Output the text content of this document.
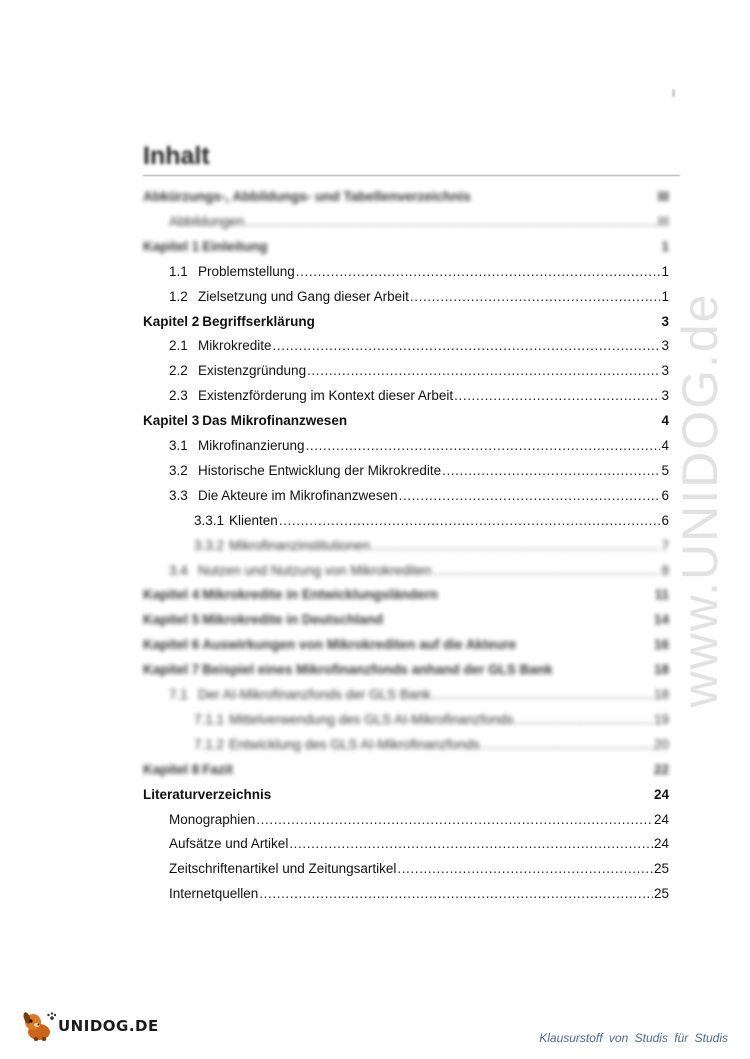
www.UNIDOG.de
I
Inhalt
Abkürzungs-, Abbildungs- und Tabellenverzeichnis	III
Abbildungen .....	III
Kapitel 1 Einleitung	1
1.1 Problemstellung .....	1
1.2 Zielsetzung und Gang dieser Arbeit .....	1
Kapitel 2 Begriffserklärung	3
2.1 Mikrokredite .....	3
2.2 Existenzgründung .....	3
2.3 Existenzförderung im Kontext dieser Arbeit .....	3
Kapitel 3 Das Mikrofinanzwesen	4
3.1 Mikrofinanzierung .....	4
3.2 Historische Entwicklung der Mikrokredite .....	5
3.3 Die Akteure im Mikrofinanzwesen .....	6
3.3.1 Klienten .....	6
3.3.2 Mikrofinanzinstitutionen .....	7
3.4 Nutzen und Nutzung von Mikrokrediten .....	8
Kapitel 4 Mikrokredite in Entwicklungsländern	11
Kapitel 5 Mikrokredite in Deutschland	14
Kapitel 6 Auswirkungen von Mikrokrediten auf die Akteure	16
Kapitel 7 Beispiel eines Mikrofinanzfonds anhand der GLS Bank	18
7.1 Der AI-Mikrofinanzfonds der GLS Bank .....	18
7.1.1 Mittelverwendung des GLS AI-Mikrofinanzfonds .....	19
7.1.2 Entwicklung des GLS AI-Mikrofinanzfonds .....	20
Kapitel 8 Fazit	22
Literaturverzeichnis	24
Monographien .....	24
Aufsätze und Artikel .....	24
Zeitschriftenartikel und Zeitungsartikel .....	25
Internetquellen .....	25
UNIDOG.DE
Klausurstoff von Studis für Studis
